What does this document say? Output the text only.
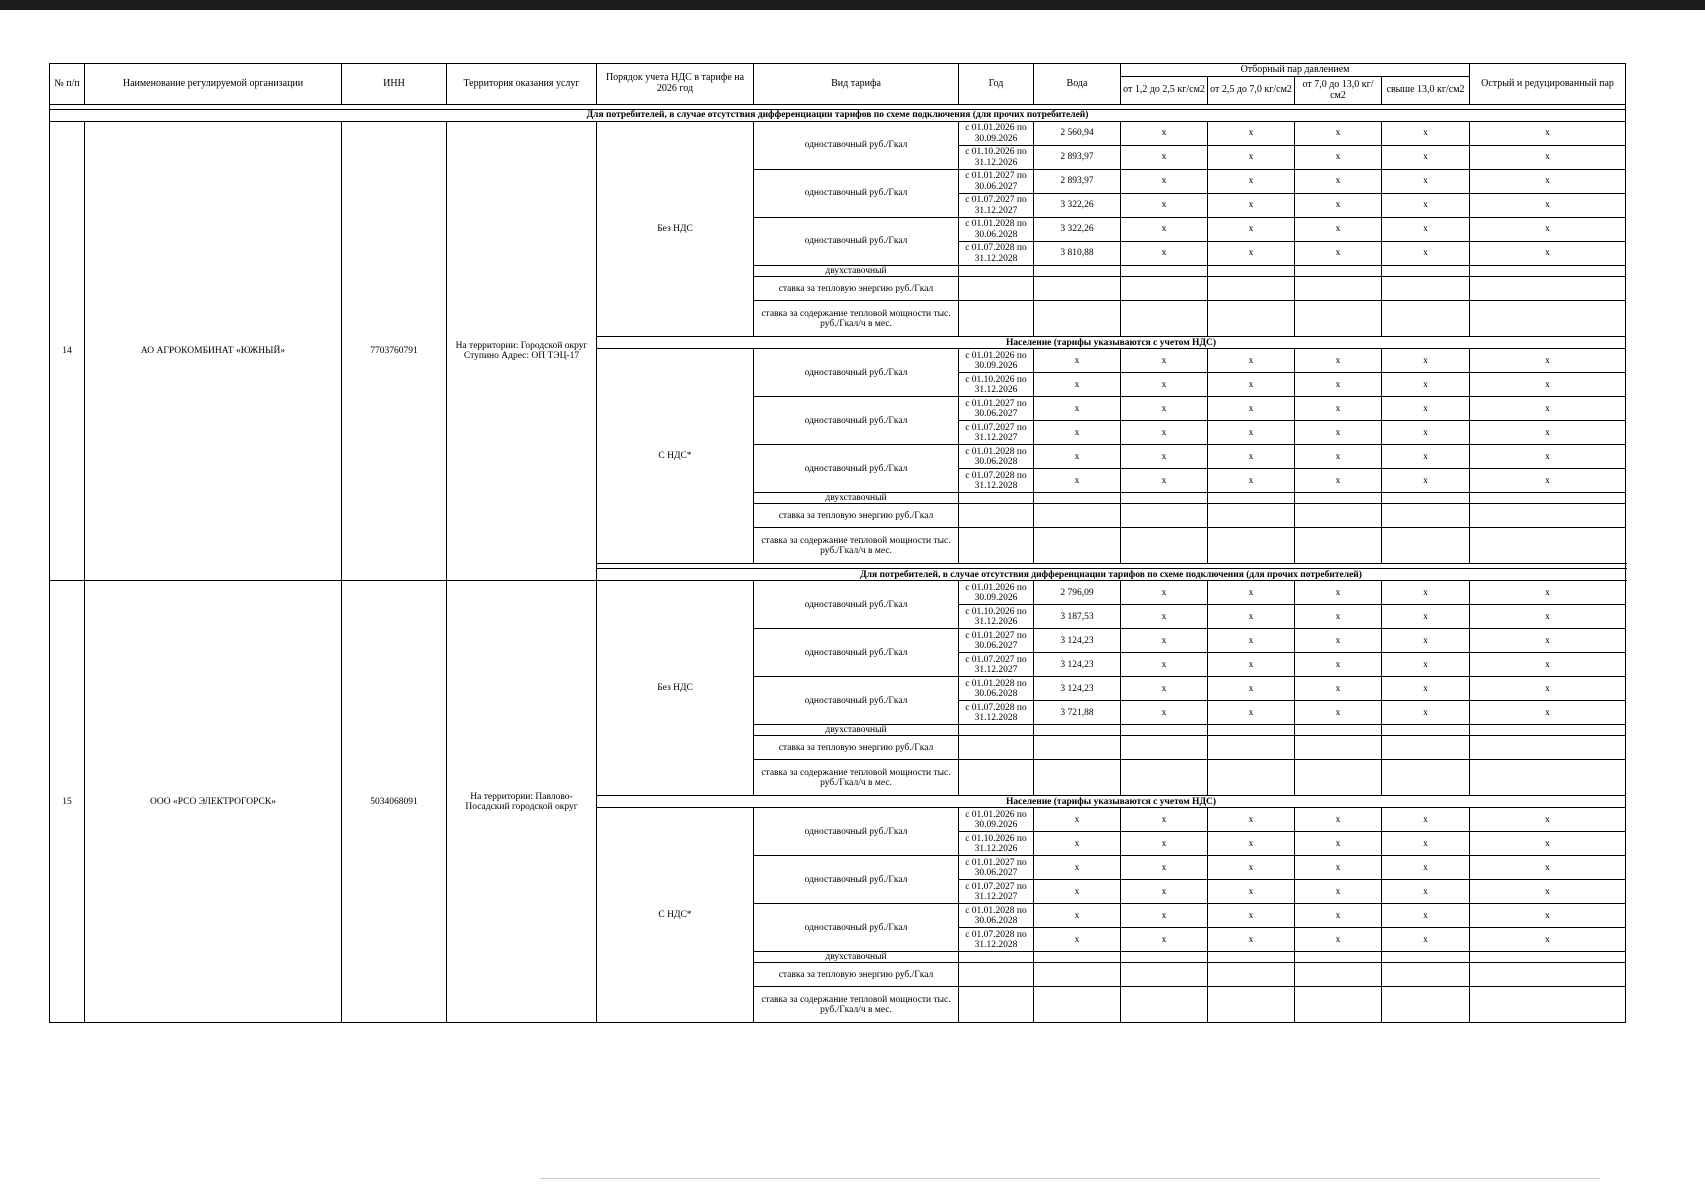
№ п/п	Наименование регулируемой организации	ИНН	Территория оказания услуг	Порядок учета НДС в тарифе на 2026 год	Вид тарифа	Год	Вода	Отборный пар давлением				Острый и редуцированный пар
								от 1,2 до 2,5 кг/см2	от 2,5 до 7,0 кг/см2	от 7,0 до 13,0 кг/см2	свыше 13,0 кг/см2	

Для потребителей, в случае отсутствия дифференциации тарифов по схеме подключения (для прочих потребителей)												
14	АО АГРОКОМБИНАТ «ЮЖНЫЙ»	7703760791	На территории: Городской округ Ступино Адрес: ОП ТЭЦ-17	Без НДС	одноставочный руб./Гкал	с 01.01.2026 по 30.09.2026	2 560,94	x	x	x	x	x
						с 01.10.2026 по 31.12.2026	2 893,97	x	x	x	x	x
					одноставочный руб./Гкал	с 01.01.2027 по 30.06.2027	2 893,97	x	x	x	x	x
						с 01.07.2027 по 31.12.2027	3 322,26	x	x	x	x	x
					одноставочный руб./Гкал	с 01.01.2028 по 30.06.2028	3 322,26	x	x	x	x	x
						с 01.07.2028 по 31.12.2028	3 810,88	x	x	x	x	x
					двухставочный							
					ставка за тепловую энергию руб./Гкал							
					ставка за содержание тепловой мощности тыс. руб./Гкал/ч в мес.							
				Население (тарифы указываются с учетом НДС)								
				С НДС*	одноставочный руб./Гкал	с 01.01.2026 по 30.09.2026	x	x	x	x	x	x
						с 01.10.2026 по 31.12.2026	x	x	x	x	x	x
					одноставочный руб./Гкал	с 01.01.2027 по 30.06.2027	x	x	x	x	x	x
						с 01.07.2027 по 31.12.2027	x	x	x	x	x	x
					одноставочный руб./Гкал	с 01.01.2028 по 30.06.2028	x	x	x	x	x	x
						с 01.07.2028 по 31.12.2028	x	x	x	x	x	x
					двухставочный							
					ставка за тепловую энергию руб./Гкал							
					ставка за содержание тепловой мощности тыс. руб./Гкал/ч в мес.							

				Для потребителей, в случае отсутствия дифференциации тарифов по схеме подключения (для прочих потребителей)								
15	ООО «РСО ЭЛЕКТРОГОРСК»	5034068091	На территории: Павлово-Посадский городской округ	Без НДС	одноставочный руб./Гкал	с 01.01.2026 по 30.09.2026	2 796,09	x	x	x	x	x
						с 01.10.2026 по 31.12.2026	3 187,53	x	x	x	x	x
					одноставочный руб./Гкал	с 01.01.2027 по 30.06.2027	3 124,23	x	x	x	x	x
						с 01.07.2027 по 31.12.2027	3 124,23	x	x	x	x	x
					одноставочный руб./Гкал	с 01.01.2028 по 30.06.2028	3 124,23	x	x	x	x	x
						с 01.07.2028 по 31.12.2028	3 721,88	x	x	x	x	x
					двухставочный							
					ставка за тепловую энергию руб./Гкал							
					ставка за содержание тепловой мощности тыс. руб./Гкал/ч в мес.							
				Население (тарифы указываются с учетом НДС)								
				С НДС*	одноставочный руб./Гкал	с 01.01.2026 по 30.09.2026	x	x	x	x	x	x
						с 01.10.2026 по 31.12.2026	x	x	x	x	x	x
					одноставочный руб./Гкал	с 01.01.2027 по 30.06.2027	x	x	x	x	x	x
						с 01.07.2027 по 31.12.2027	x	x	x	x	x	x
					одноставочный руб./Гкал	с 01.01.2028 по 30.06.2028	x	x	x	x	x	x
						с 01.07.2028 по 31.12.2028	x	x	x	x	x	x
					двухставочный							
					ставка за тепловую энергию руб./Гкал							
					ставка за содержание тепловой мощности тыс. руб./Гкал/ч в мес.							
